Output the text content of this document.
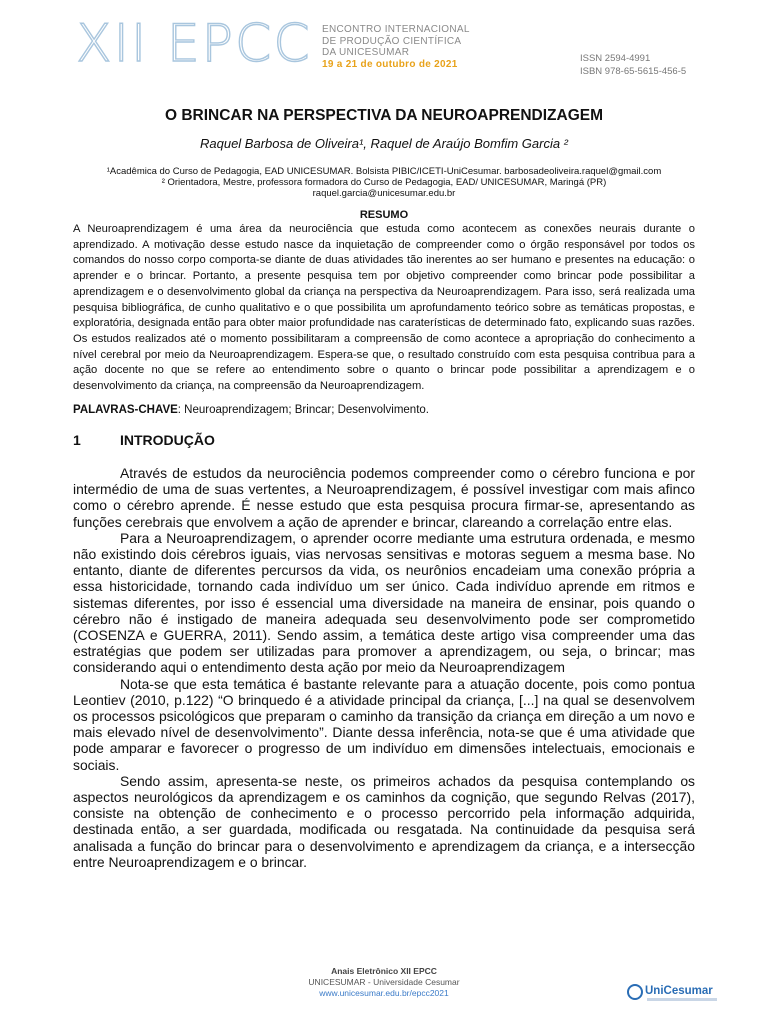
XII EPCC ENCONTRO INTERNACIONAL
DE PRODUÇÃO CIENTÍFICA
DA UNICESUMAR
19 a 21 de outubro de 2021	ISSN 2594-4991
ISBN 978-65-5615-456-5
O BRINCAR NA PERSPECTIVA DA NEUROAPRENDIZAGEM
Raquel Barbosa de Oliveira¹, Raquel de Araújo Bomfim Garcia ²
¹Acadêmica do Curso de Pedagogia, EAD UNICESUMAR. Bolsista PIBIC/ICETI-UniCesumar. barbosadeoliveira.raquel@gmail.com
² Orientadora, Mestre, professora formadora do Curso de Pedagogia, EAD/ UNICESUMAR, Maringá (PR)
raquel.garcia@unicesumar.edu.br
RESUMO

A Neuroaprendizagem é uma área da neurociência que estuda como acontecem as conexões neurais durante o aprendizado. A motivação desse estudo nasce da inquietação de compreender como o órgão responsável por todos os comandos do nosso corpo comporta-se diante de duas atividades tão inerentes ao ser humano e presentes na educação: o aprender e o brincar. Portanto, a presente pesquisa tem por objetivo compreender como brincar pode possibilitar a aprendizagem e o desenvolvimento global da criança na perspectiva da Neuroaprendizagem. Para isso, será realizada uma pesquisa bibliográfica, de cunho qualitativo e o que possibilita um aprofundamento teórico sobre as temáticas propostas, e exploratória, designada então para obter maior profundidade nas caraterísticas de determinado fato, explicando suas razões. Os estudos realizados até o momento possibilitaram a compreensão de como acontece a apropriação do conhecimento a nível cerebral por meio da Neuroaprendizagem. Espera-se que, o resultado construído com esta pesquisa contribua para a ação docente no que se refere ao entendimento sobre o quanto o brincar pode possibilitar a aprendizagem e o desenvolvimento da criança, na compreensão da Neuroaprendizagem.

PALAVRAS-CHAVE: Neuroaprendizagem; Brincar; Desenvolvimento.
1	INTRODUÇÃO

Através de estudos da neurociência podemos compreender como o cérebro funciona e por intermédio de uma de suas vertentes, a Neuroaprendizagem, é possível investigar com mais afinco como o cérebro aprende. É nesse estudo que esta pesquisa procura firmar-se, apresentando as funções cerebrais que envolvem a ação de aprender e brincar, clareando a correlação entre elas.

Para a Neuroaprendizagem, o aprender ocorre mediante uma estrutura ordenada, e mesmo não existindo dois cérebros iguais, vias nervosas sensitivas e motoras seguem a mesma base. No entanto, diante de diferentes percursos da vida, os neurônios encadeiam uma conexão própria a essa historicidade, tornando cada indivíduo um ser único. Cada indivíduo aprende em ritmos e sistemas diferentes, por isso é essencial uma diversidade na maneira de ensinar, pois quando o cérebro não é instigado de maneira adequada seu desenvolvimento pode ser comprometido (COSENZA e GUERRA, 2011). Sendo assim, a temática deste artigo visa compreender uma das estratégias que podem ser utilizadas para promover a aprendizagem, ou seja, o brincar; mas considerando aqui o entendimento desta ação por meio da Neuroaprendizagem

Nota-se que esta temática é bastante relevante para a atuação docente, pois como pontua Leontiev (2010, p.122) “O brinquedo é a atividade principal da criança, [...] na qual se desenvolvem os processos psicológicos que preparam o caminho da transição da criança em direção a um novo e mais elevado nível de desenvolvimento”. Diante dessa inferência, nota-se que é uma atividade que pode amparar e favorecer o progresso de um indivíduo em dimensões intelectuais, emocionais e sociais.

Sendo assim, apresenta-se neste, os primeiros achados da pesquisa contemplando os aspectos neurológicos da aprendizagem e os caminhos da cognição, que segundo Relvas (2017), consiste na obtenção de conhecimento e o processo percorrido pela informação adquirida, destinada então, a ser guardada, modificada ou resgatada. Na continuidade da pesquisa será analisada a função do brincar para o desenvolvimento e aprendizagem da criança, e a intersecção entre Neuroaprendizagem e o brincar.

Anais Eletrônico XII EPCC
UNICESUMAR - Universidade Cesumar
www.unicesumar.edu.br/epcc2021	UniCesumar
